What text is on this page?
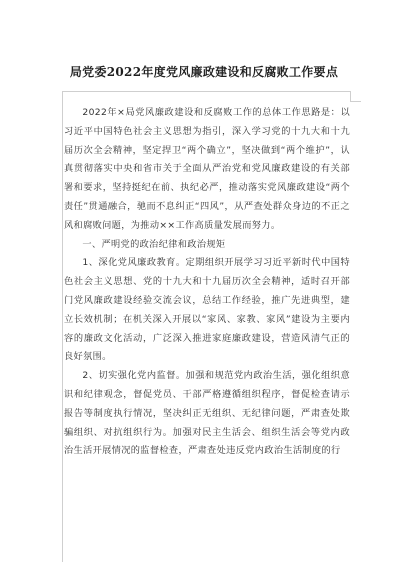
局党委2022年度党风廉政建设和反腐败工作要点

2022年×局党风廉政建设和反腐败工作的总体工作思路是：以习近平中国特色社会主义思想为指引，深入学习党的十九大和十九届历次全会精神，坚定捍卫“两个确立”，坚决做到“两个维护”，认真贯彻落实中央和省市关于全面从严治党和党风廉政建设的有关部署和要求，坚持挺纪在前、执纪必严，推动落实党风廉政建设“两个责任”贯通融合，驰而不息纠正“四风”，从严查处群众身边的不正之风和腐败问题，为推动××工作高质量发展而努力。

一、严明党的政治纪律和政治规矩

1、深化党风廉政教育。定期组织开展学习习近平新时代中国特色社会主义思想、党的十九大和十九届历次全会精神，适时召开部门党风廉政建设经验交流会议，总结工作经验，推广先进典型，建立长效机制；在机关深入开展以“家风、家教、家风”建设为主要内容的廉政文化活动，广泛深入推进家庭廉政建设，营造风清气正的良好氛围。

2、切实强化党内监督。加强和规范党内政治生活，强化组织意识和纪律观念，督促党员、干部严格遵循组织程序，督促检查请示报告等制度执行情况，坚决纠正无组织、无纪律问题，严肃查处欺骗组织、对抗组织行为。加强对民主生活会、组织生活会等党内政治生活开展情况的监督检查，严肃查处违反党内政治生活制度的行
